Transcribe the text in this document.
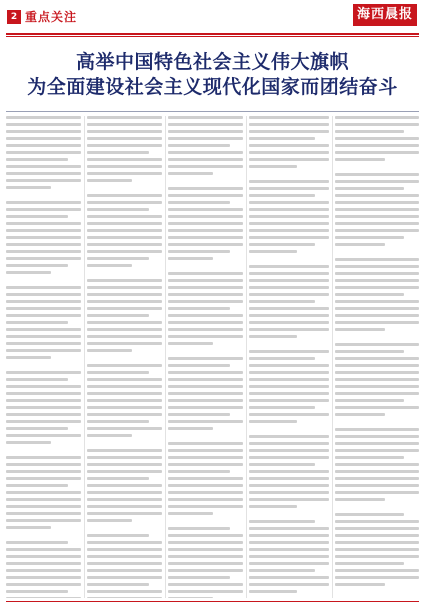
2 重点关注	海西晨报
高举中国特色社会主义伟大旗帜
为全面建设社会主义现代化国家而团结奋斗
